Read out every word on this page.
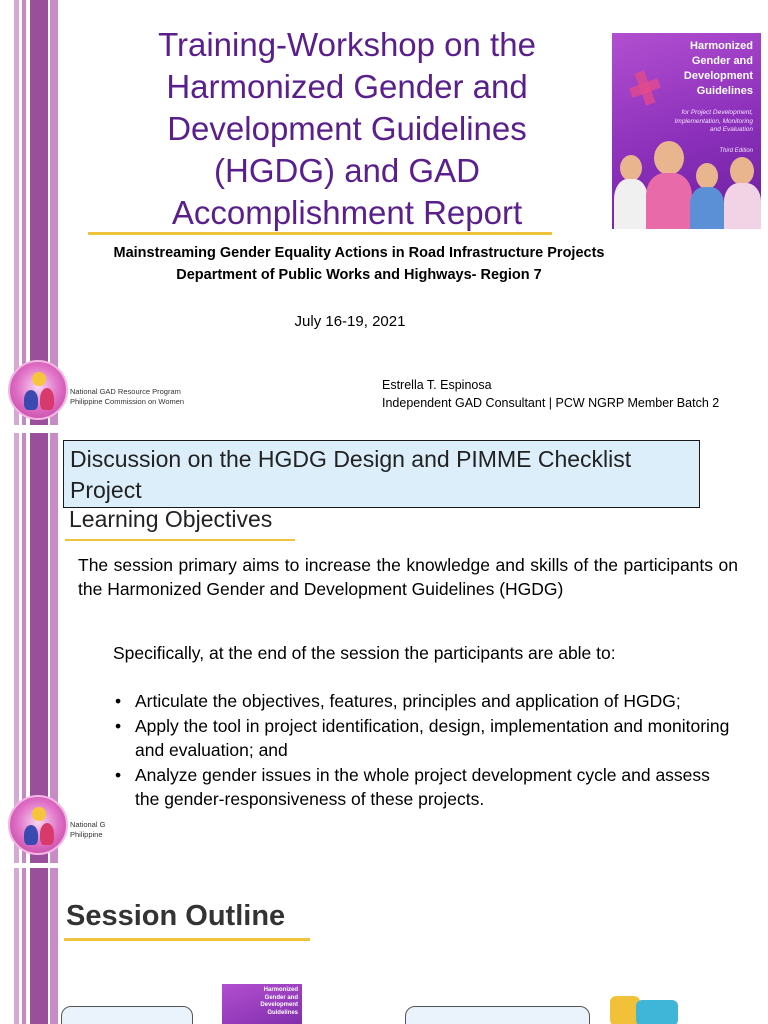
Training-Workshop on the
Harmonized Gender and
Development Guidelines
(HGDG) and GAD
Accomplishment Report
Mainstreaming Gender Equality Actions in Road Infrastructure Projects
Department of Public Works and Highways- Region 7
July 16-19, 2021
Estrella T. Espinosa
Independent GAD Consultant | PCW NGRP Member Batch 2
Harmonized
Gender and
Development
Guidelines
for Project Development,
Implementation, Monitoring
and Evaluation
Third Edition
National GAD Resource Program
Philippine Commission on Women
Discussion on the HGDG Design and PIMME Checklist Project
Learning Objectives
The session primary aims to increase the knowledge and skills of the participants on the Harmonized Gender and Development Guidelines (HGDG)
Specifically, at the end of the session the participants are able to:
• Articulate the objectives, features, principles and application of HGDG;
• Apply the tool in project identification, design, implementation and monitoring and evaluation; and
• Analyze gender issues in the whole project development cycle and assess the gender-responsiveness of these projects.
National G
Philippine
Session Outline
Harmonized
Gender and
Development
Guidelines
